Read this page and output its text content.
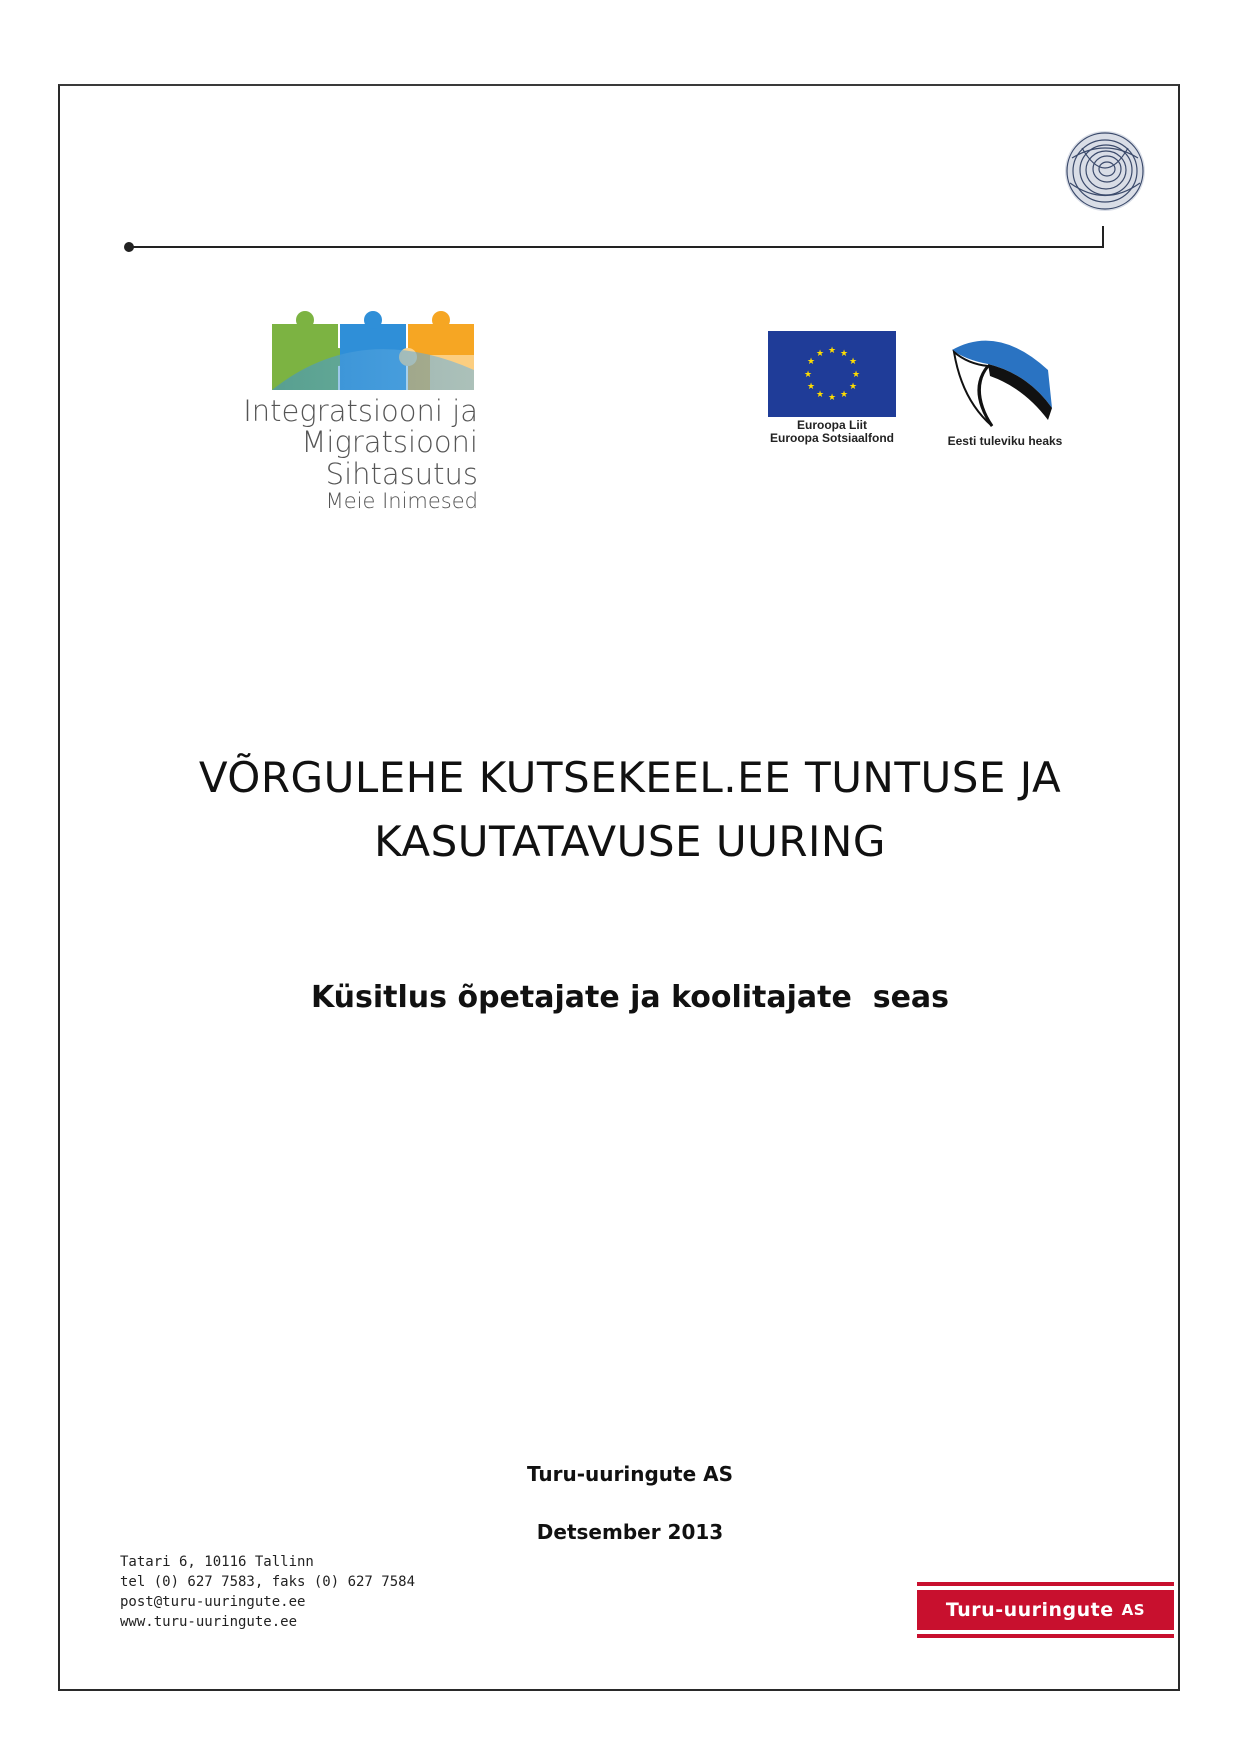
Integratsiooni ja
Migratsiooni Sihtasutus
Meie Inimesed
★ ★
★
★
★
★
★
★
★
★
★
★
Euroopa Liit
Euroopa Sotsiaalfond	Eesti tuleviku heaks
VÕRGULEHE KUTSEKEEL.EE TUNTUSE JA
KASUTATAVUSE UURING
Küsitlus õpetajate ja koolitajate  seas
Turu-uuringute AS
Detsember 2013
Tatari 6, 10116 Tallinn
tel (0) 627 7583, faks (0) 627 7584
post@turu-uuringute.ee
www.turu-uuringute.ee
Turu-uuringute AS
